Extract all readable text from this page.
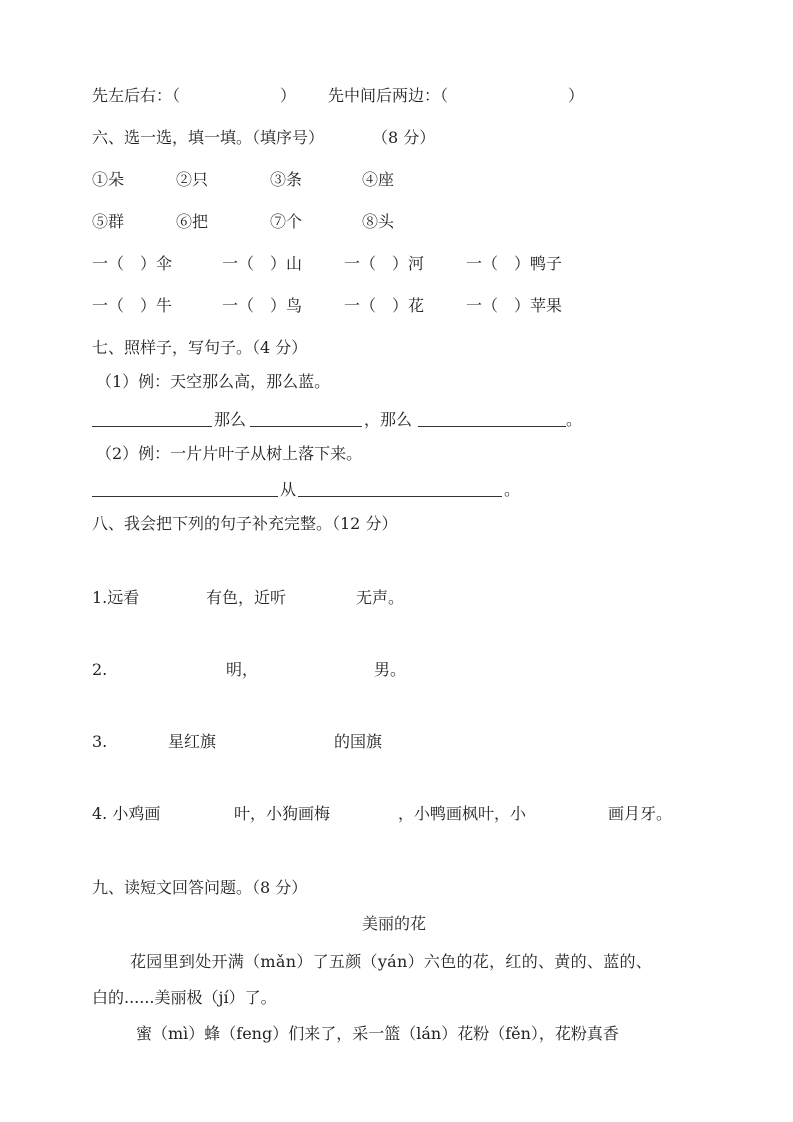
先左后右：（	） 先中间后两边：（	）
六、选一选，填一填。（填序号）	（8 分）
①朵	②只	③条	④座
⑤群	⑥把	⑦个	⑧头
一（　）伞	一（　）山	一（　）河	一（　）鸭子
一（　）牛	一（　）鸟	一（　）花	一（　）苹果
七、照样子，写句子。（4 分）
（1）例：天空那么高，那么蓝。
那么	，那么	。
（2）例：一片片叶子从树上落下来。
从	。
八、我会把下列的句子补充完整。（12 分）
1.远看	有色，近听	无声。
2.	明，	男。
3.	星红旗	的国旗
4. 小鸡画	叶，小狗画梅	，小鸭画枫叶，小	画月牙。
九、读短文回答问题。（8 分）
美丽的花
花园里到处开满（mǎn）了五颜（yán）六色的花，红的、黄的、蓝的、
白的......美丽极（jí）了。
蜜（mì）蜂（feng）们来了，采一篮（lán）花粉（fěn），花粉真香
